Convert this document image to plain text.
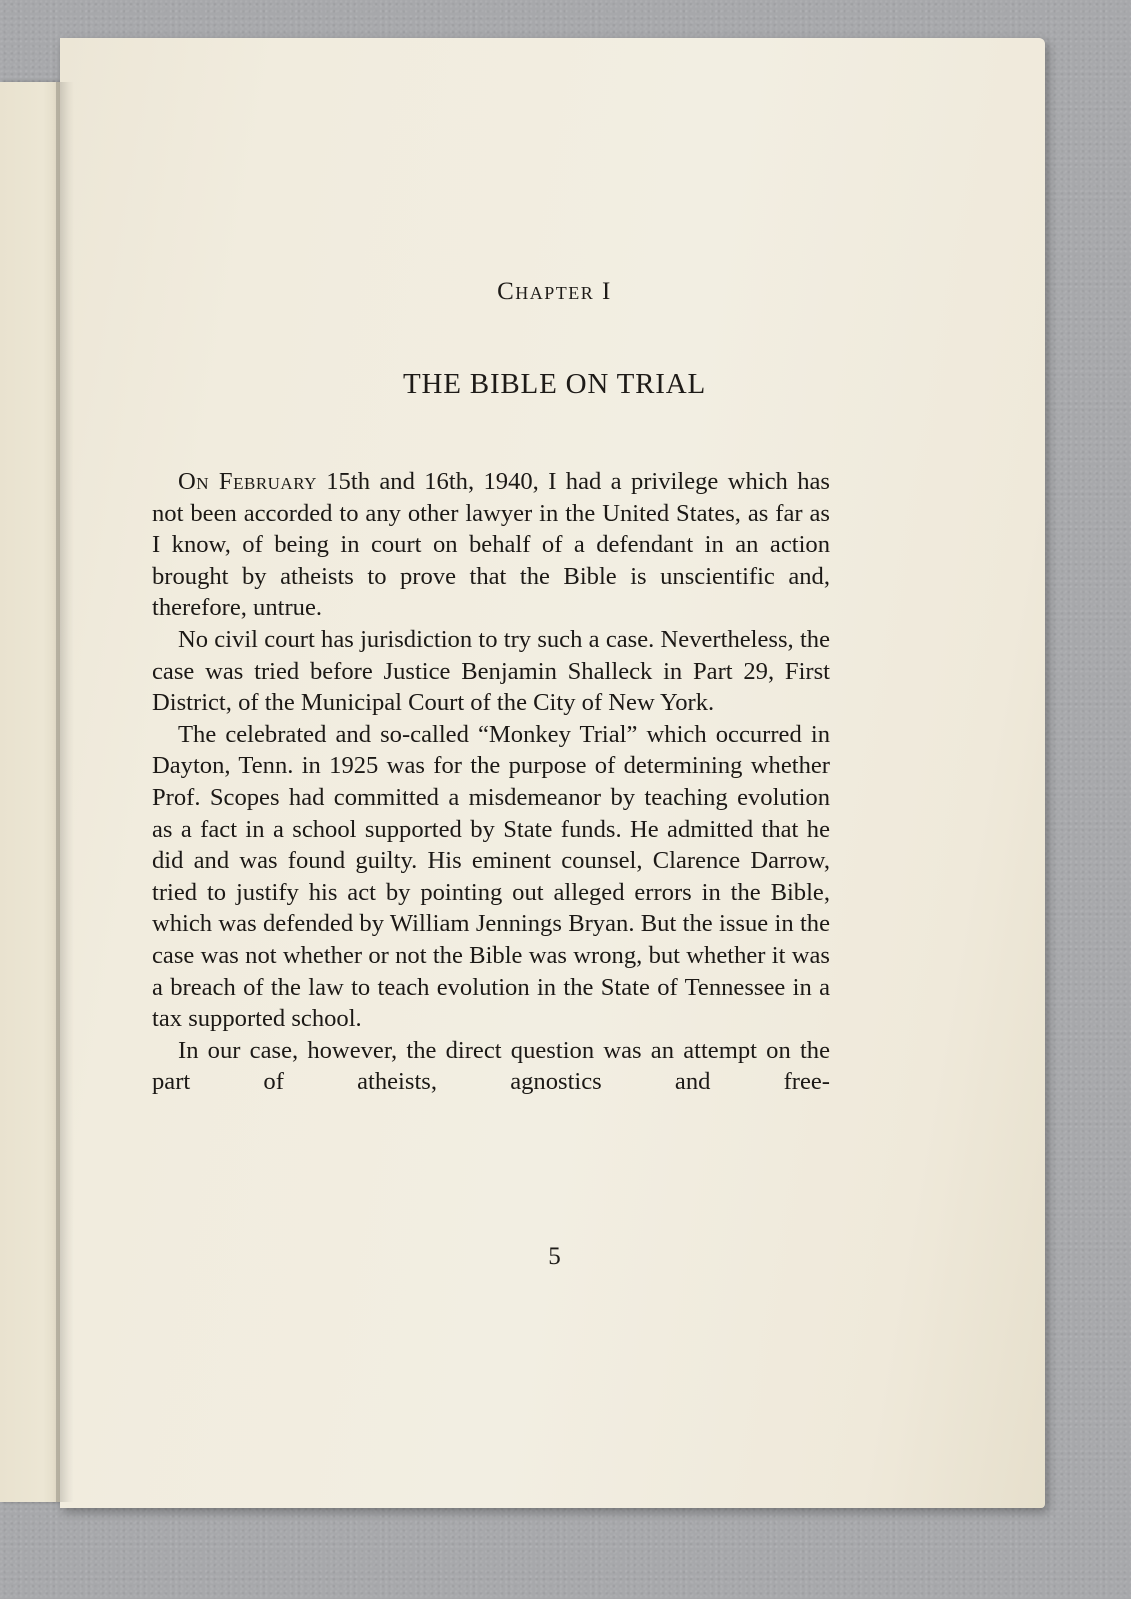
Chapter I
THE BIBLE ON TRIAL

On February 15th and 16th, 1940, I had a privilege which has not been accorded to any other lawyer in the United States, as far as I know, of being in court on behalf of a defendant in an action brought by atheists to prove that the Bible is unscientific and, therefore, untrue.

No civil court has jurisdiction to try such a case. Nevertheless, the case was tried before Justice Benjamin Shalleck in Part 29, First District, of the Municipal Court of the City of New York.

The celebrated and so-called “Monkey Trial” which occurred in Dayton, Tenn. in 1925 was for the purpose of determining whether Prof. Scopes had committed a misdemeanor by teaching evolution as a fact in a school supported by State funds. He admitted that he did and was found guilty. His eminent counsel, Clarence Darrow, tried to justify his act by pointing out alleged errors in the Bible, which was defended by William Jennings Bryan. But the issue in the case was not whether or not the Bible was wrong, but whether it was a breach of the law to teach evolution in the State of Tennessee in a tax supported school.

In our case, however, the direct question was an attempt on the part of atheists, agnostics and free-

5
